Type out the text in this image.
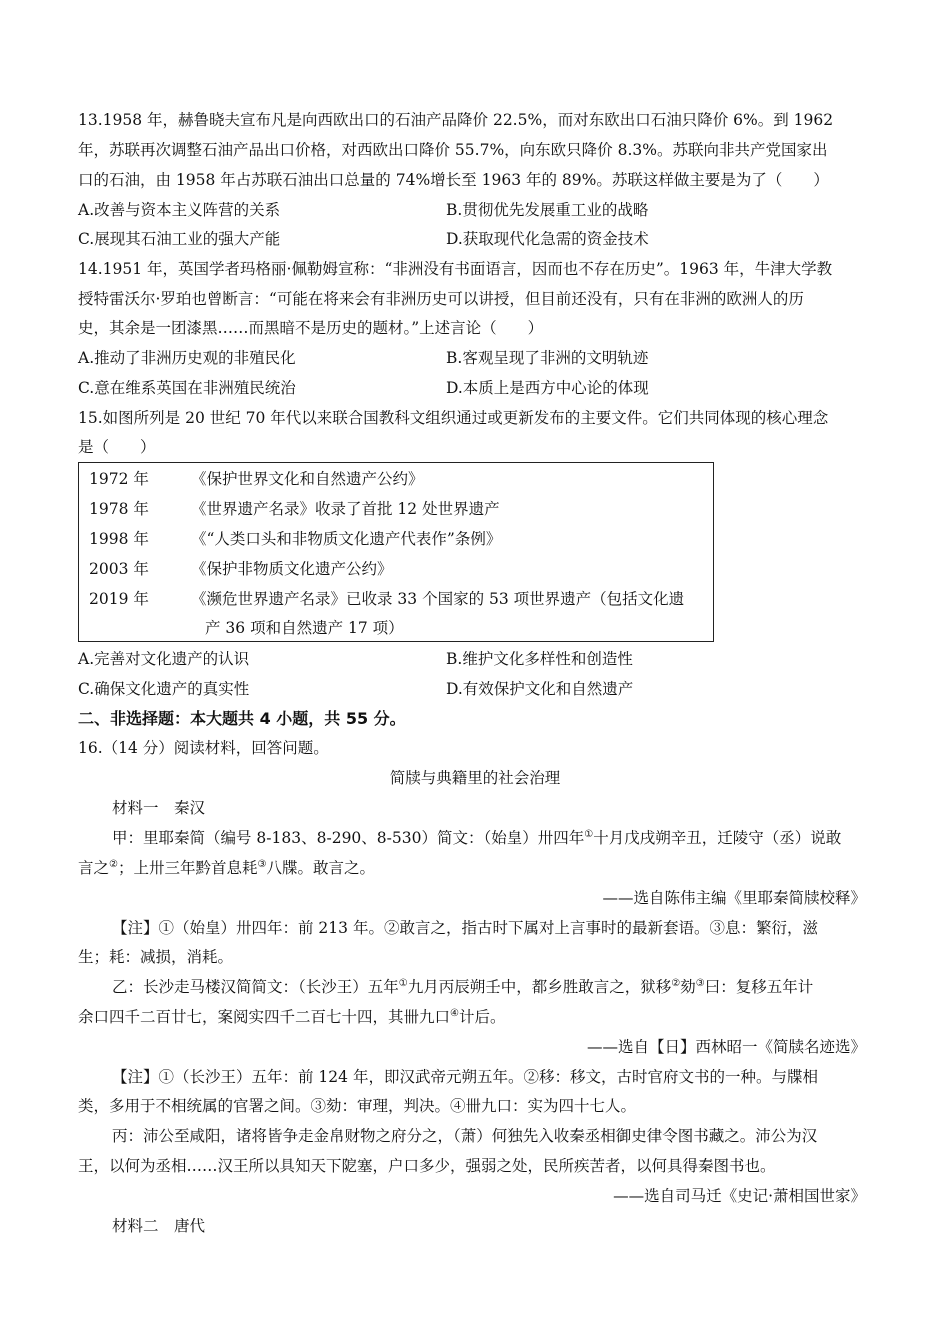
13.1958 年，赫鲁晓夫宣布凡是向西欧出口的石油产品降价 22.5%，而对东欧出口石油只降价 6%。到 1962
年，苏联再次调整石油产品出口价格，对西欧出口降价 55.7%，向东欧只降价 8.3%。苏联向非共产党国家出
口的石油，由 1958 年占苏联石油出口总量的 74%增长至 1963 年的 89%。苏联这样做主要是为了（　　）
A.改善与资本主义阵营的关系	B.贯彻优先发展重工业的战略
C.展现其石油工业的强大产能	D.获取现代化急需的资金技术
14.1951 年，英国学者玛格丽·佩勒姆宣称：“非洲没有书面语言，因而也不存在历史”。1963 年，牛津大学教
授特雷沃尔·罗珀也曾断言：“可能在将来会有非洲历史可以讲授，但目前还没有，只有在非洲的欧洲人的历
史，其余是一团漆黑……而黑暗不是历史的题材。”上述言论（　　）
A.推动了非洲历史观的非殖民化	B.客观呈现了非洲的文明轨迹
C.意在维系英国在非洲殖民统治	D.本质上是西方中心论的体现
15.如图所列是 20 世纪 70 年代以来联合国教科文组织通过或更新发布的主要文件。它们共同体现的核心理念
是（　　）
1972 年	《保护世界文化和自然遗产公约》
1978 年	《世界遗产名录》收录了首批 12 处世界遗产
1998 年	《“人类口头和非物质文化遗产代表作”条例》
2003 年	《保护非物质文化遗产公约》
2019 年	《濒危世界遗产名录》已收录 33 个国家的 53 项世界遗产（包括文化遗
产 36 项和自然遗产 17 项）
A.完善对文化遗产的认识	B.维护文化多样性和创造性
C.确保文化遗产的真实性	D.有效保护文化和自然遗产
二、非选择题：本大题共 4 小题，共 55 分。
16.（14 分）阅读材料，回答问题。
简牍与典籍里的社会治理
材料一　秦汉
甲：里耶秦简（编号 8-183、8-290、8-530）简文：（始皇）卅四年①十月戊戌朔辛丑，迁陵守（丞）说敢
言之②；上卅三年黔首息耗③八牒。敢言之。
——选自陈伟主编《里耶秦简牍校释》
【注】①（始皇）卅四年：前 213 年。②敢言之，指古时下属对上言事时的最新套语。③息：繁衍，滋
生；耗：减损，消耗。
乙：长沙走马楼汉简简文：（长沙王）五年①九月丙辰朔壬中，都乡胜敢言之，狱移②劾③曰：复移五年计
余口四千二百廿七，案阅实四千二百七十四，其卌九口④计后。
——选自【日】西林昭一《简牍名迹选》
【注】①（长沙王）五年：前 124 年，即汉武帝元朔五年。②移：移文，古时官府文书的一种。与牒相
类，多用于不相统属的官署之间。③劾：审理，判决。④卌九口：实为四十七人。
丙：沛公至咸阳，诸将皆争走金帛财物之府分之，（萧）何独先入收秦丞相御史律令图书藏之。沛公为汉
王，以何为丞相……汉王所以具知天下阸塞，户口多少，强弱之处，民所疾苦者，以何具得秦图书也。
——选自司马迁《史记·萧相国世家》
材料二　唐代
